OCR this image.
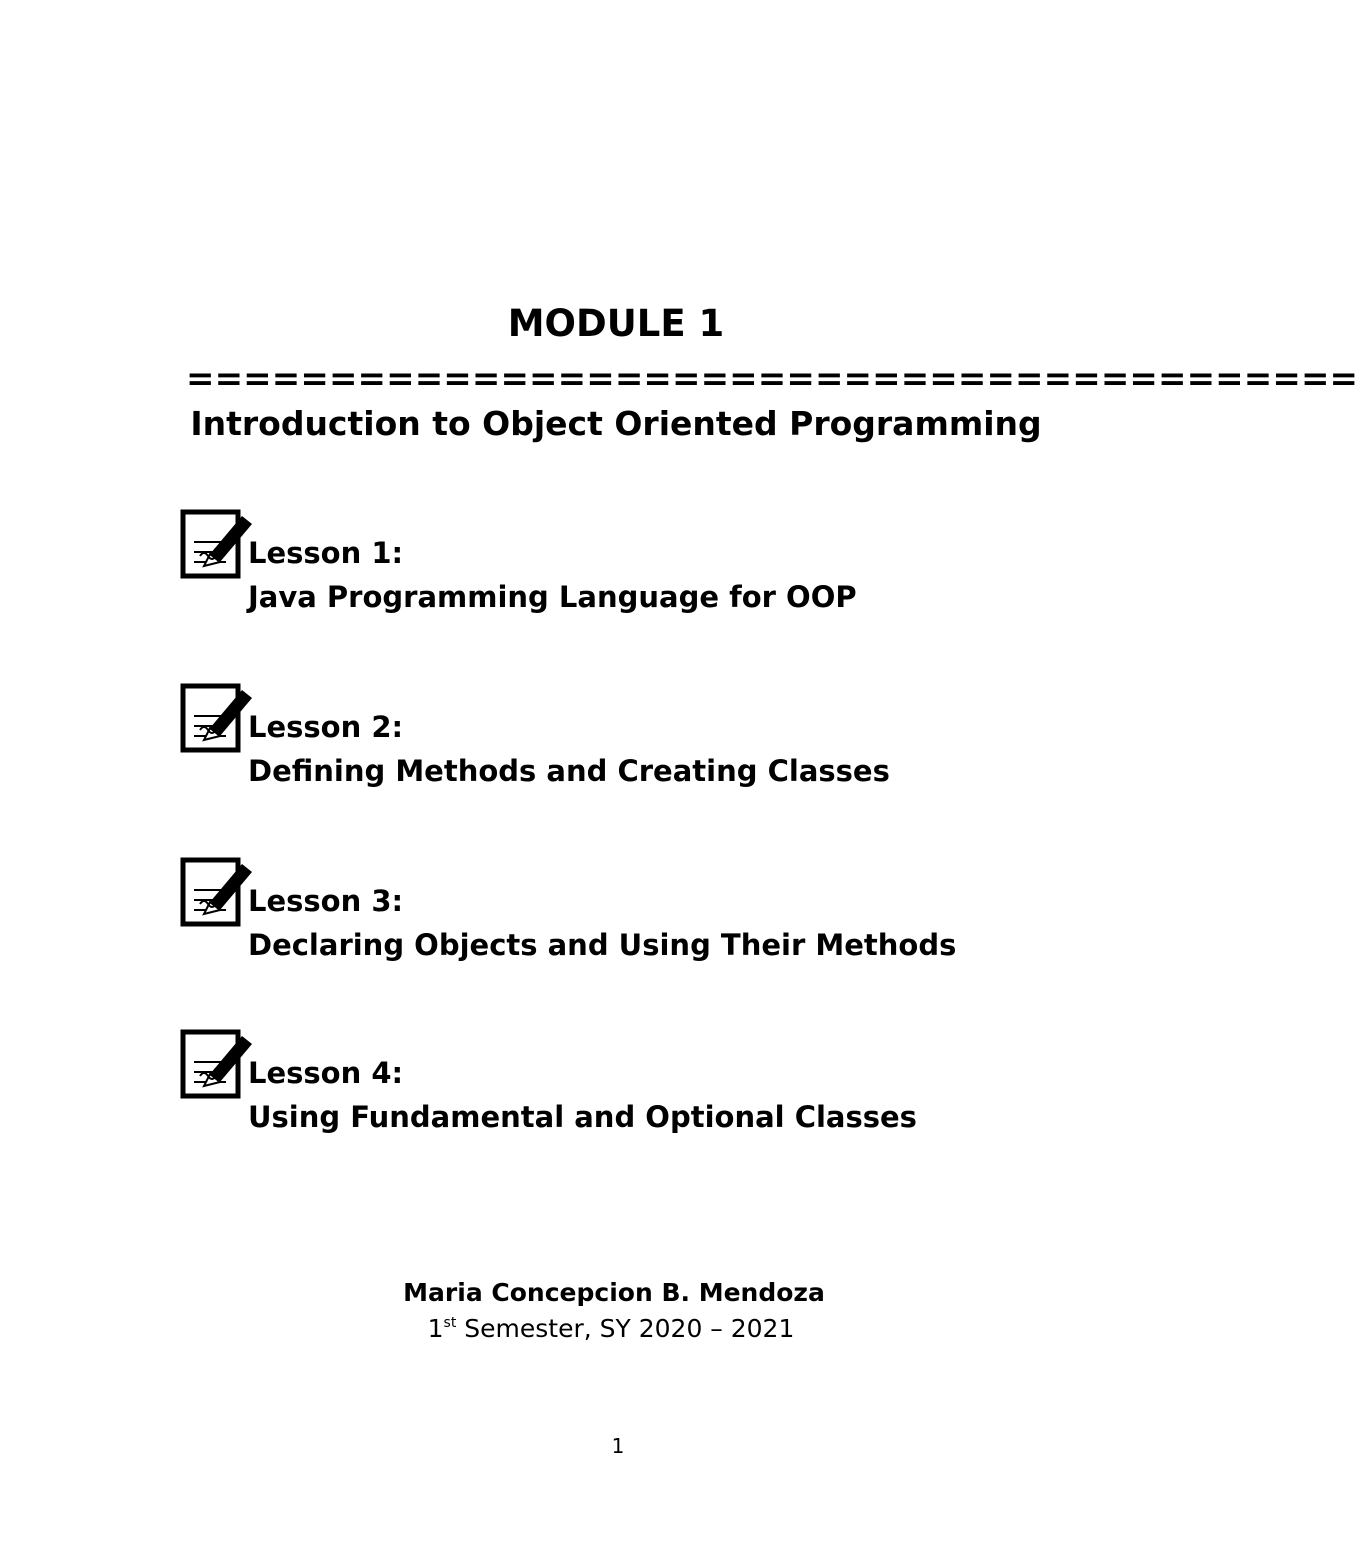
MODULE 1
=========================================
Introduction to Object Oriented Programming
Lesson 1:
Java Programming Language for OOP
Lesson 2:
Defining Methods and Creating Classes
Lesson 3:
Declaring Objects and Using Their Methods
Lesson 4:
Using Fundamental and Optional Classes
Maria Concepcion B. Mendoza
1st Semester, SY 2020 – 2021
1
